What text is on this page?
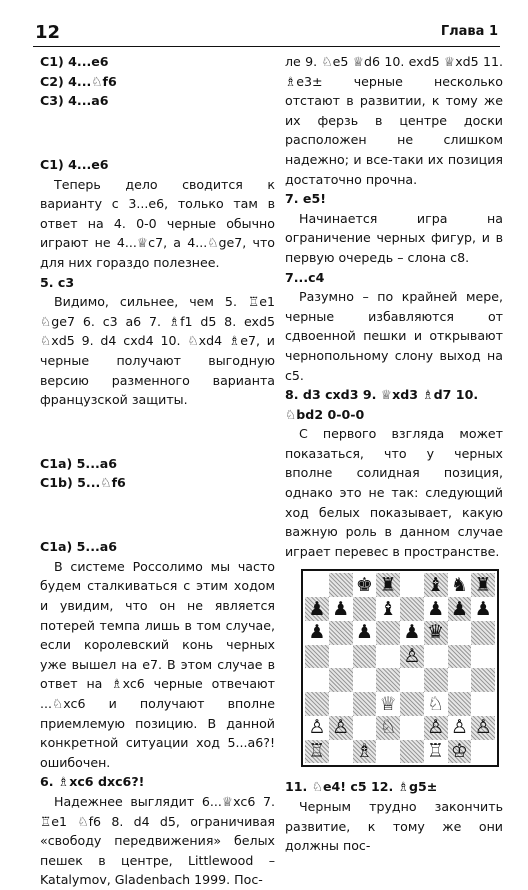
12	Глава 1

C1) 4...e6

C2) 4...♘f6

C3) 4...a6

C1) 4...e6

Теперь дело сводится к варианту с 3...e6, только там в ответ на 4. 0-0 черные обычно играют не 4...♕c7, а 4...♘ge7, что для них гораздо полезнее.

5. c3

Видимо, сильнее, чем 5. ♖e1 ♘ge7 6. c3 a6 7. ♗f1 d5 8. exd5 ♘xd5 9. d4 cxd4 10. ♘xd4 ♗e7, и черные получают выгодную версию разменного варианта французской защиты.

C1a) 5...a6

C1b) 5...♘f6

C1a) 5...a6

В системе Россолимо мы часто будем сталкиваться с этим ходом и увидим, что он не является потерей темпа лишь в том случае, если королевский конь черных уже вышел на e7. В этом случае в ответ на ♗xc6 черные отвечают ...♘xc6 и получают вполне приемлемую позицию. В данной конкретной ситуации ход 5...a6?! ошибочен.

6. ♗xc6 dxc6?!

Надежнее выглядит 6...♕xc6 7. ♖e1 ♘f6 8. d4 d5, ограничивая «свободу передвижения» белых пешек в центре, Littlewood – Katalymov, Gladenbach 1999. Пос-

ле 9. ♘e5 ♕d6 10. exd5 ♕xd5 11. ♗e3± черные несколько отстают в развитии, к тому же их ферзь в центре доски расположен не слишком надежно; и все-таки их позиция достаточно прочна.

7. e5!

Начинается игра на ограничение черных фигур, и в первую очередь – слона c8.

7...c4

Разумно – по крайней мере, черные избавляются от сдвоенной пешки и открывают чернопольному слону выход на c5.

8. d3 cxd3 9. ♕xd3 ♗d7 10. ♘bd2 0-0-0

С первого взгляда может показаться, что у черных вполне солидная позиция, однако это не так: следующий ход белых показывает, какую важную роль в данном случае играет перевес в пространстве.

♚ ♜ ♝ ♞ ♜
♟ ♟ ♝ ♟ ♟ ♟
♟ ♟ ♟ ♛
♙
♕ ♘
♙ ♙ ♘ ♙ ♙ ♙
♖ ♗	♖ ♔

11. ♘e4! c5 12. ♗g5±

Черным трудно закончить развитие, к тому же они должны пос-
